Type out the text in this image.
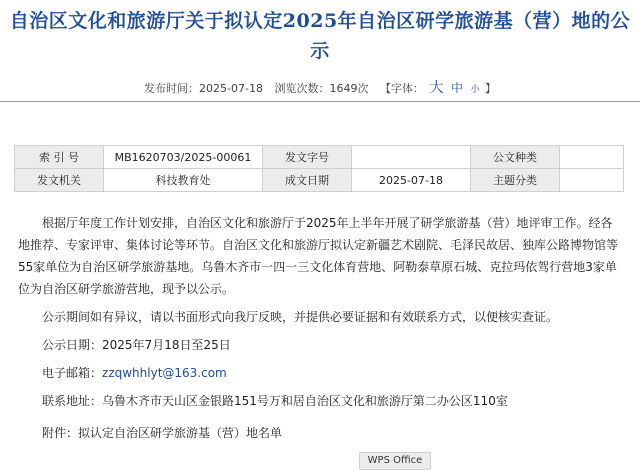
自治区文化和旅游厅关于拟认定2025年自治区研学旅游基（营）地的公
示
发布时间：2025-07-18 浏览次数：1649次 【字体： 大 中 小 】
索 引 号	MB1620703/2025-00061	发文字号		公文种类	
发文机关	科技教育处	成文日期	2025-07-18	主题分类	

根据厅年度工作计划安排，自治区文化和旅游厅于2025年上半年开展了研学旅游基（营）地评审工作。经各地推荐、专家评审、集体讨论等环节。自治区文化和旅游厅拟认定新疆艺术剧院、毛泽民故居、独库公路博物馆等55家单位为自治区研学旅游基地。乌鲁木齐市一四一三文化体育营地、阿勒泰草原石城、克拉玛依驾行营地3家单位为自治区研学旅游营地，现予以公示。

公示期间如有异议，请以书面形式向我厅反映，并提供必要证据和有效联系方式，以便核实查证。

公示日期：2025年7月18日至25日

电子邮箱：zzqwhhlyt@163.com

联系地址：乌鲁木齐市天山区金银路151号万和居自治区文化和旅游厅第二办公区110室

附件：拟认定自治区研学旅游基（营）地名单

WPS Office
